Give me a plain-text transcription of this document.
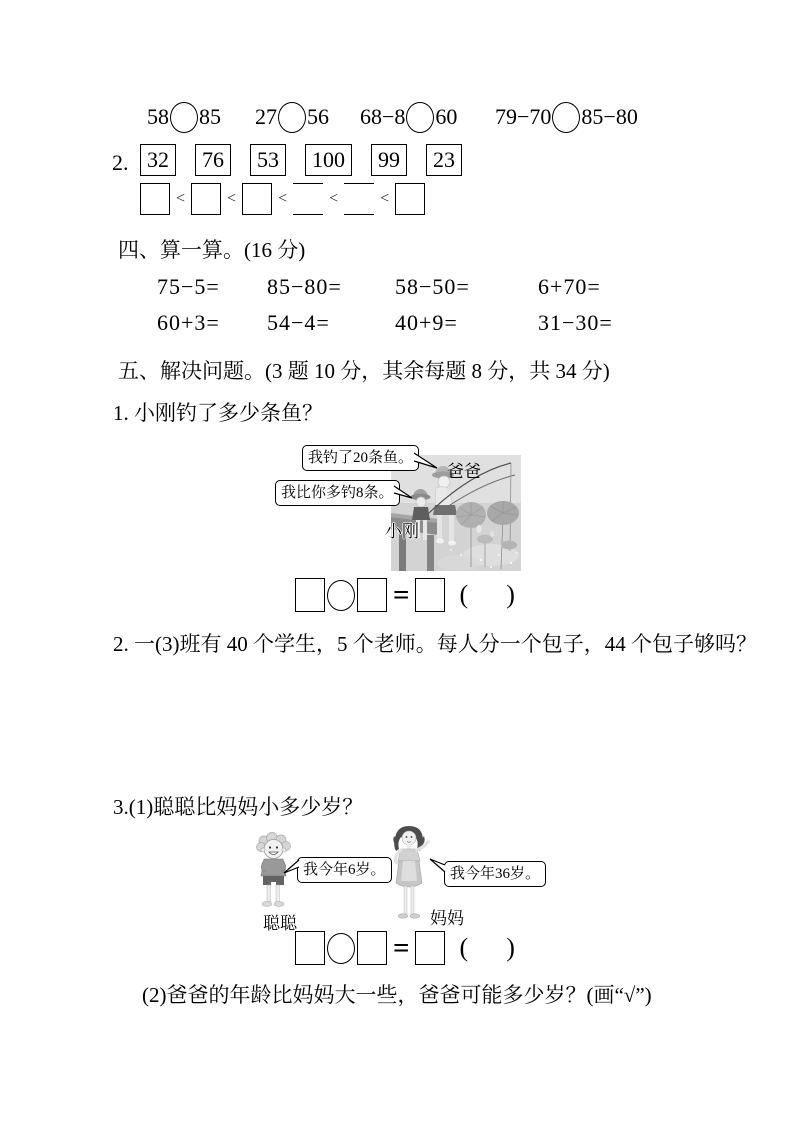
58 85 27 56 68−8 60 79−70 85−80
2. 32	76	53	100	99	23
<	<	<	<	<
四、算一算。(16 分)
75−5= 85−80= 58−50=	6+70=
60+3= 54−4=	40+9=	31−30=
五、解决问题。(3 题 10 分，其余每题 8 分，共 34 分)
1. 小刚钓了多少条鱼？
我钓了20条鱼。
我比你多钓8条。
爸爸
小刚
= ( )
2. 一(3)班有 40 个学生，5 个老师。每人分一个包子，44 个包子够吗？
3.(1)聪聪比妈妈小多少岁？
我今年6岁。	我今年36岁。
聪聪	妈妈
= ( )
(2)爸爸的年龄比妈妈大一些，爸爸可能多少岁？(画“√”)
